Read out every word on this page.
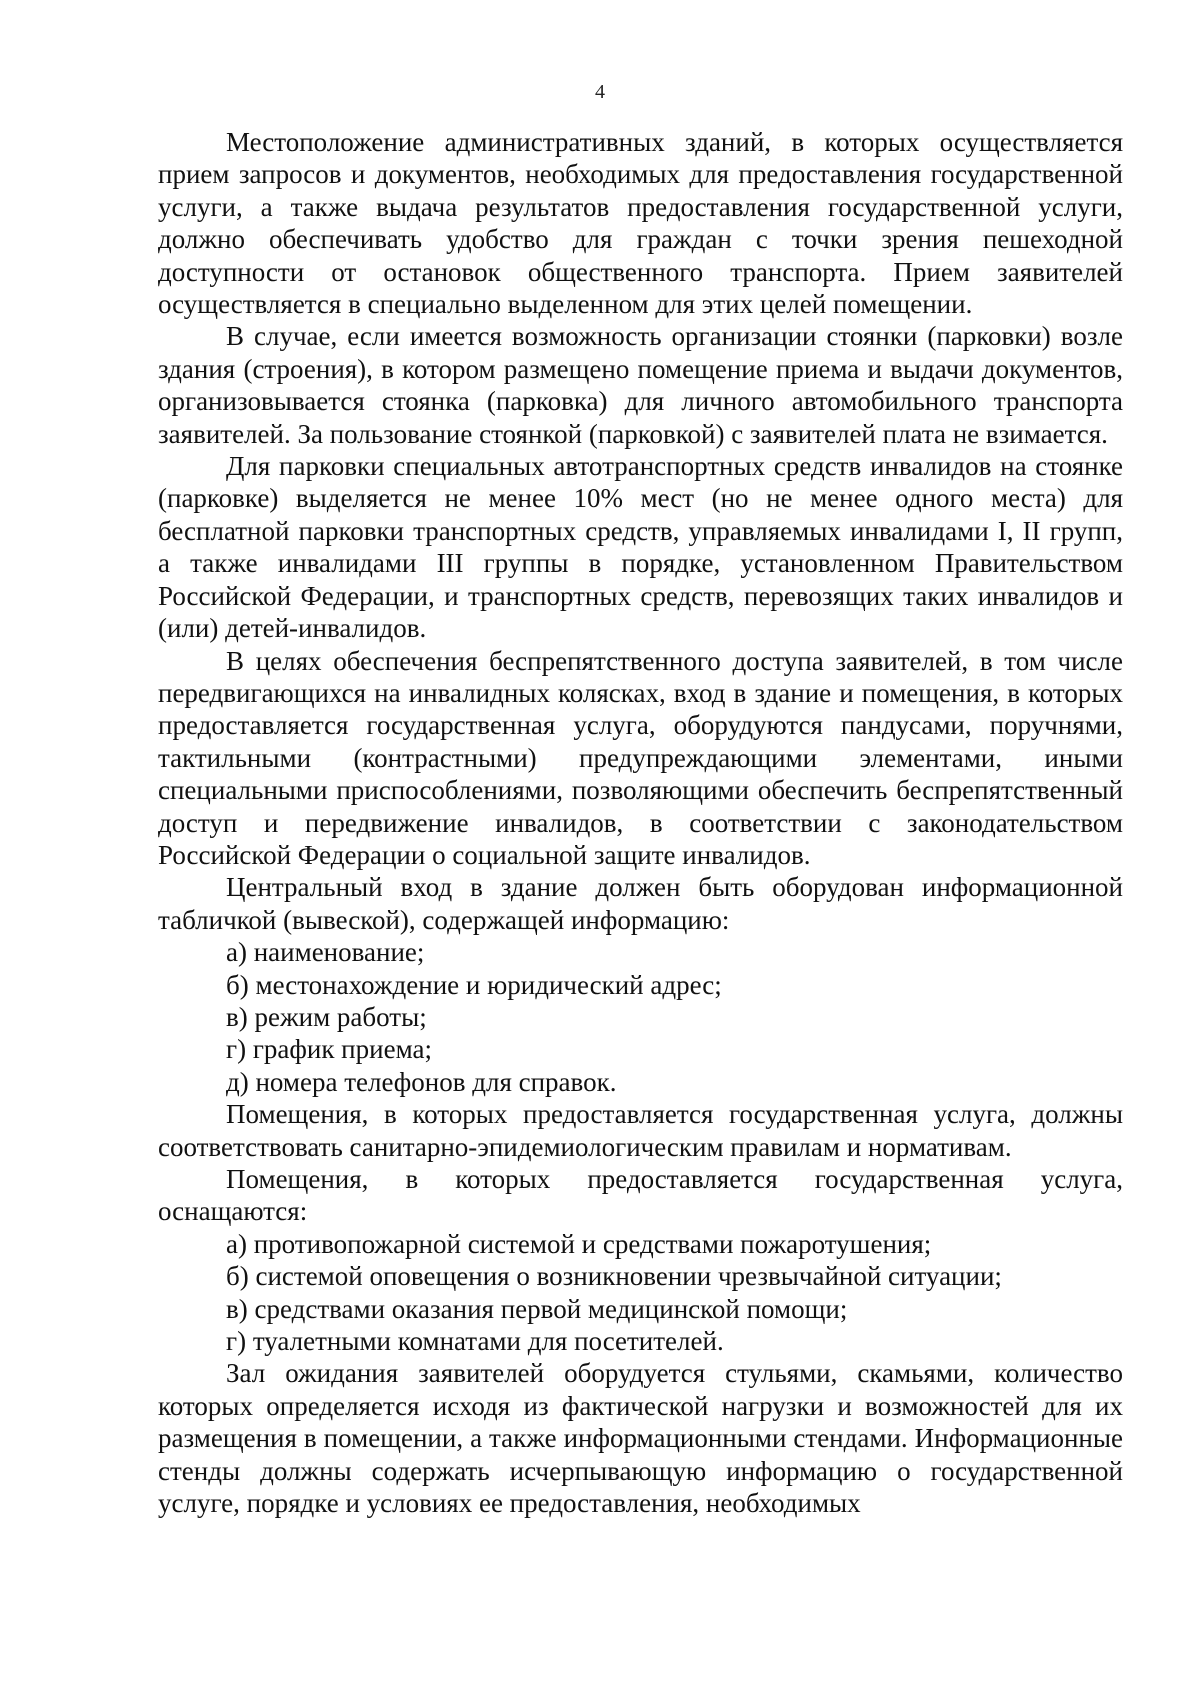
4

Местоположение административных зданий, в которых осуществляется прием запросов и документов, необходимых для предоставления государственной услуги, а также выдача результатов предоставления государственной услуги, должно обеспечивать удобство для граждан с точки зрения пешеходной доступности от остановок общественного транспорта. Прием заявителей осуществляется в специально выделенном для этих целей помещении.

В случае, если имеется возможность организации стоянки (парковки) возле здания (строения), в котором размещено помещение приема и выдачи документов, организовывается стоянка (парковка) для личного автомобильного транспорта заявителей. За пользование стоянкой (парковкой) с заявителей плата не взимается.

Для парковки специальных автотранспортных средств инвалидов на стоянке (парковке) выделяется не менее 10% мест (но не менее одного места) для бесплатной парковки транспортных средств, управляемых инвалидами I, II групп, а также инвалидами III группы в порядке, установленном Правительством Российской Федерации, и транспортных средств, перевозящих таких инвалидов и (или) детей-инвалидов.

В целях обеспечения беспрепятственного доступа заявителей, в том числе передвигающихся на инвалидных колясках, вход в здание и помещения, в которых предоставляется государственная услуга, оборудуются пандусами, поручнями, тактильными (контрастными) предупреждающими элементами, иными специальными приспособлениями, позволяющими обеспечить беспрепятственный доступ и передвижение инвалидов, в соответствии с законодательством Российской Федерации о социальной защите инвалидов.

Центральный вход в здание должен быть оборудован информационной табличкой (вывеской), содержащей информацию:

а) наименование;

б) местонахождение и юридический адрес;

в) режим работы;

г) график приема;

д) номера телефонов для справок.

Помещения, в которых предоставляется государственная услуга, должны соответствовать санитарно-эпидемиологическим правилам и нормативам.

Помещения, в которых предоставляется государственная услуга, оснащаются:

а) противопожарной системой и средствами пожаротушения;

б) системой оповещения о возникновении чрезвычайной ситуации;

в) средствами оказания первой медицинской помощи;

г) туалетными комнатами для посетителей.

Зал ожидания заявителей оборудуется стульями, скамьями, количество которых определяется исходя из фактической нагрузки и возможностей для их размещения в помещении, а также информационными стендами. Информационные стенды должны содержать исчерпывающую информацию о государственной услуге, порядке и условиях ее предоставления, необходимых
